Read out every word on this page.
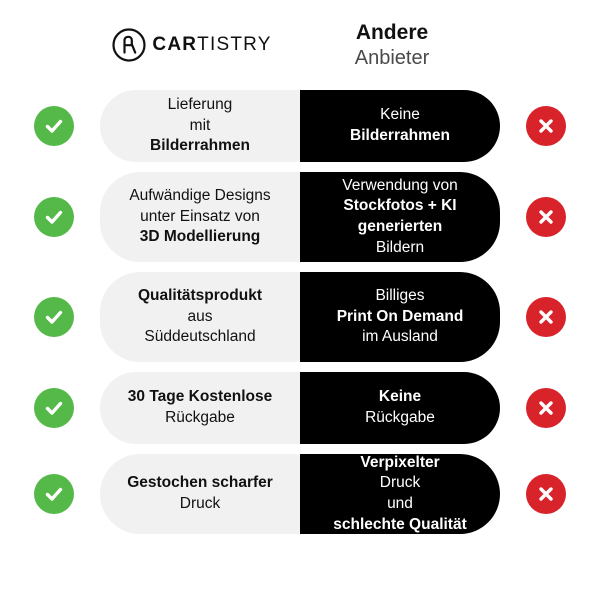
CARTISTRY
Andere
Anbieter
Lieferung
mit
Bilderrahmen
Keine
Bilderrahmen
Aufwändige Designs
unter Einsatz von
3D Modellierung
Verwendung von
Stockfotos + KI
generierten
Bildern
Qualitätsprodukt
aus
Süddeutschland
Billiges
Print On Demand
im Ausland
30 Tage Kostenlose
Rückgabe
Keine
Rückgabe
Gestochen scharfer
Druck
Verpixelter
Druck
und
schlechte Qualität
